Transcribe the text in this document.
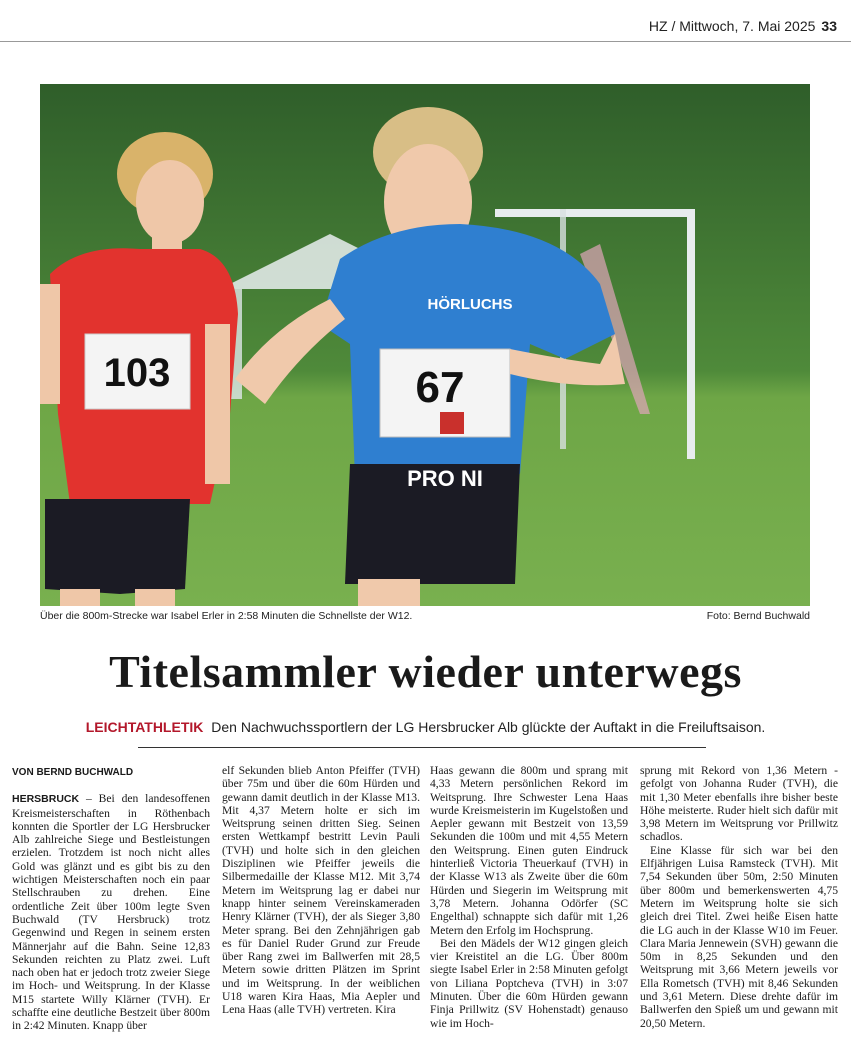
HZ / Mittwoch, 7. Mai 2025 33
103
HÖRLUCHS
67
PRO NI
Über die 800m-Strecke war Isabel Erler in 2:58 Minuten die Schnellste der W12.	Foto: Bernd Buchwald
Titelsammler wieder unterwegs
LEICHTATHLETIK Den Nachwuchssportlern der LG Hersbrucker Alb glückte der Auftakt in die Freiluftsaison.
VON BERND BUCHWALD

HERSBRUCK – Bei den landesoffenen Kreismeisterschaften in Röthenbach konnten die Sportler der LG Hersbrucker Alb zahlreiche Siege und Bestleistungen erzielen. Trotzdem ist noch nicht alles Gold was glänzt und es gibt bis zu den wichtigen Meisterschaften noch ein paar Stellschrauben zu drehen. Eine ordentliche Zeit über 100m legte Sven Buchwald (TV Hersbruck) trotz Gegenwind und Regen in seinem ersten Männerjahr auf die Bahn. Seine 12,83 Sekunden reichten zu Platz zwei. Luft nach oben hat er jedoch trotz zweier Siege im Hoch- und Weitsprung. In der Klasse M15 startete Willy Klärner (TVH). Er schaffte eine deutliche Bestzeit über 800m in 2:42 Minuten. Knapp über

elf Sekunden blieb Anton Pfeiffer (TVH) über 75m und über die 60m Hürden und gewann damit deutlich in der Klasse M13. Mit 4,37 Metern holte er sich im Weitsprung seinen dritten Sieg. Seinen ersten Wettkampf bestritt Levin Pauli (TVH) und holte sich in den gleichen Disziplinen wie Pfeiffer jeweils die Silbermedaille der Klasse M12. Mit 3,74 Metern im Weitsprung lag er dabei nur knapp hinter seinem Vereinskameraden Henry Klärner (TVH), der als Sieger 3,80 Meter sprang. Bei den Zehnjährigen gab es für Daniel Ruder Grund zur Freude über Rang zwei im Ballwerfen mit 28,5 Metern sowie dritten Plätzen im Sprint und im Weitsprung. In der weiblichen U18 waren Kira Haas, Mia Aepler und Lena Haas (alle TVH) vertreten. Kira

Haas gewann die 800m und sprang mit 4,33 Metern persönlichen Rekord im Weitsprung. Ihre Schwester Lena Haas wurde Kreismeisterin im Kugelstoßen und Aepler gewann mit Bestzeit von 13,59 Sekunden die 100m und mit 4,55 Metern den Weitsprung. Einen guten Eindruck hinterließ Victoria Theuerkauf (TVH) in der Klasse W13 als Zweite über die 60m Hürden und Siegerin im Weitsprung mit 3,78 Metern. Johanna Odörfer (SC Engelthal) schnappte sich dafür mit 1,26 Metern den Erfolg im Hochsprung.

Bei den Mädels der W12 gingen gleich vier Kreistitel an die LG. Über 800m siegte Isabel Erler in 2:58 Minuten gefolgt von Liliana Poptcheva (TVH) in 3:07 Minuten. Über die 60m Hürden gewann Finja Prillwitz (SV Hohenstadt) genauso wie im Hoch-

sprung mit Rekord von 1,36 Metern - gefolgt von Johanna Ruder (TVH), die mit 1,30 Meter ebenfalls ihre bisher beste Höhe meisterte. Ruder hielt sich dafür mit 3,98 Metern im Weitsprung vor Prillwitz schadlos.

Eine Klasse für sich war bei den Elfjährigen Luisa Ramsteck (TVH). Mit 7,54 Sekunden über 50m, 2:50 Minuten über 800m und bemerkenswerten 4,75 Metern im Weitsprung holte sie sich gleich drei Titel. Zwei heiße Eisen hatte die LG auch in der Klasse W10 im Feuer. Clara Maria Jennewein (SVH) gewann die 50m in 8,25 Sekunden und den Weitsprung mit 3,66 Metern jeweils vor Ella Rometsch (TVH) mit 8,46 Sekunden und 3,61 Metern. Diese drehte dafür im Ballwerfen den Spieß um und gewann mit 20,50 Metern.
